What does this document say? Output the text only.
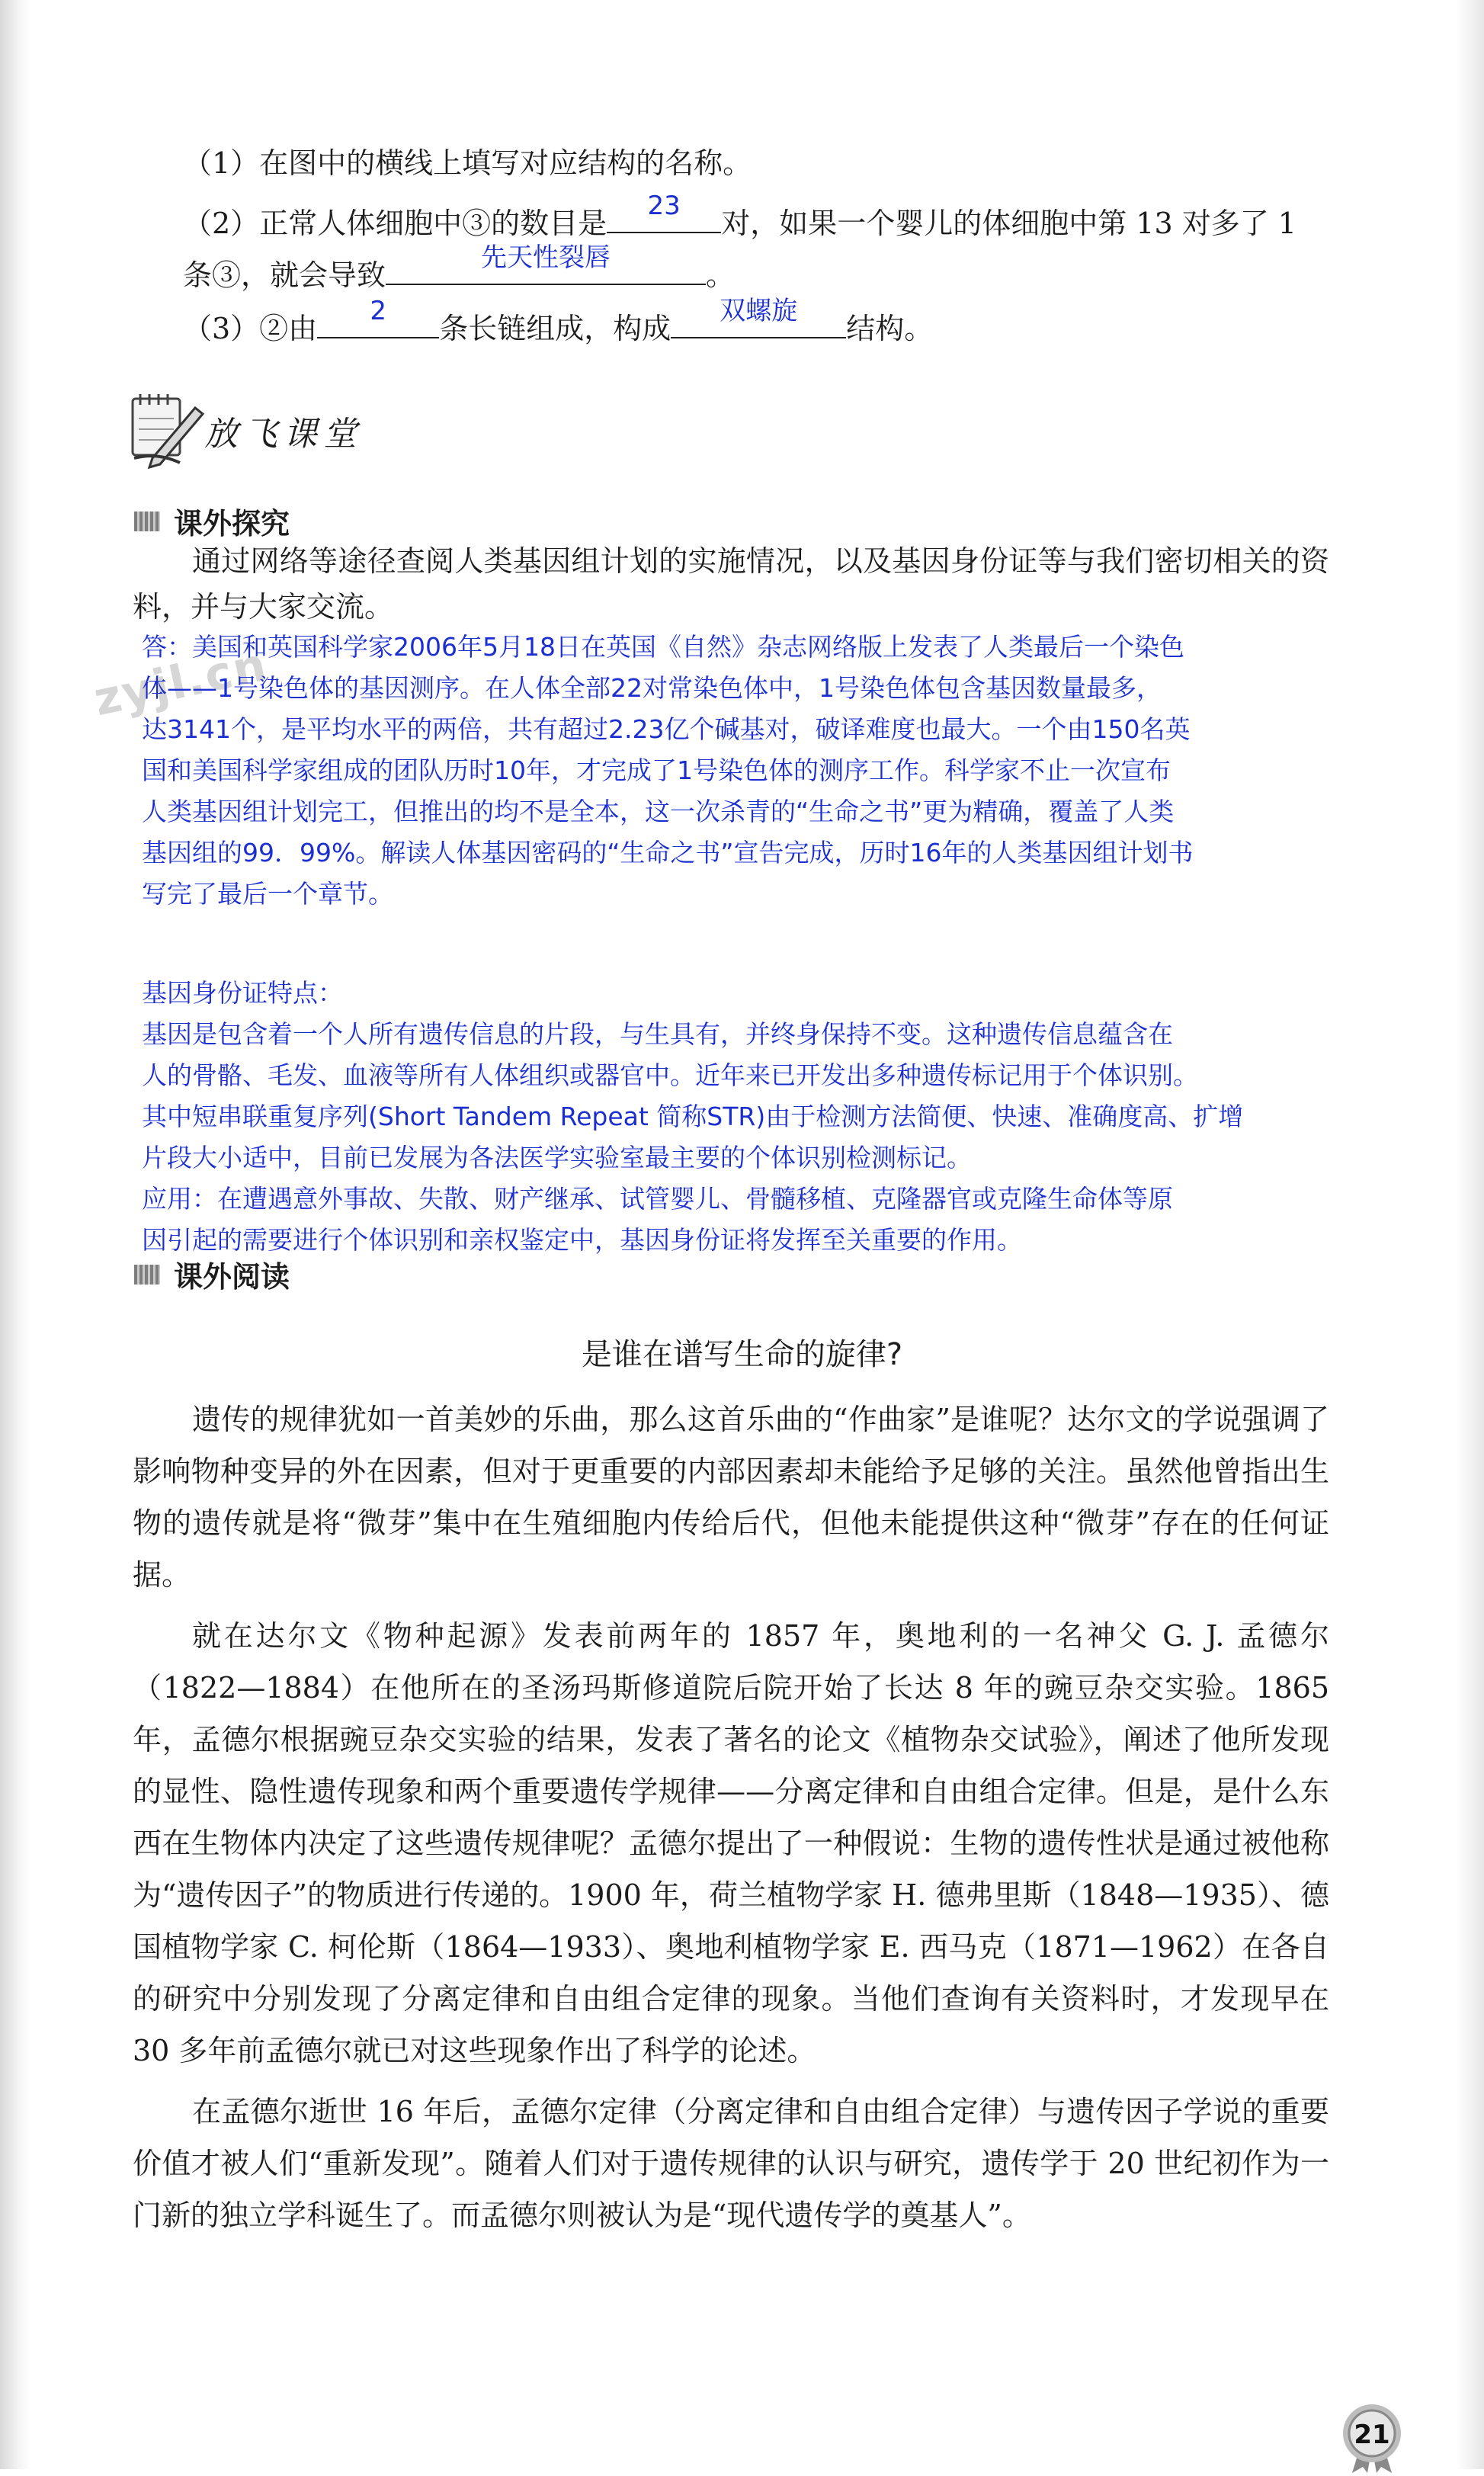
（1）在图中的横线上填写对应结构的名称。
（2）正常人体细胞中③的数目是
23
对，如果一个婴儿的体细胞中第 13 对多了 1
条③，就会导致
先天性裂唇
。
（3）②由
2
条长链组成，构成
双螺旋
结构。
放飞课堂
课外探究

通过网络等途径查阅人类基因组计划的实施情况，以及基因身份证等与我们密切相关的资料，并与大家交流。

zyjl.cn
答：美国和英国科学家2006年5月18日在英国《自然》杂志网络版上发表了人类最后一个染色
体——1号染色体的基因测序。在人体全部22对常染色体中，1号染色体包含基因数量最多，
达3141个，是平均水平的两倍，共有超过2.23亿个碱基对，破译难度也最大。一个由150名英
国和美国科学家组成的团队历时10年，才完成了1号染色体的测序工作。科学家不止一次宣布
人类基因组计划完工，但推出的均不是全本，这一次杀青的“生命之书”更为精确，覆盖了人类
基因组的99．99%。解读人体基因密码的“生命之书”宣告完成，历时16年的人类基因组计划书
写完了最后一个章节。
基因身份证特点：
基因是包含着一个人所有遗传信息的片段，与生具有，并终身保持不变。这种遗传信息蕴含在
人的骨骼、毛发、血液等所有人体组织或器官中。近年来已开发出多种遗传标记用于个体识别。
其中短串联重复序列(Short Tandem Repeat 简称STR)由于检测方法简便、快速、准确度高、扩增
片段大小适中，目前已发展为各法医学实验室最主要的个体识别检测标记。
应用：在遭遇意外事故、失散、财产继承、试管婴儿、骨髓移植、克隆器官或克隆生命体等原
因引起的需要进行个体识别和亲权鉴定中，基因身份证将发挥至关重要的作用。
课外阅读
是谁在谱写生命的旋律?

遗传的规律犹如一首美妙的乐曲，那么这首乐曲的“作曲家”是谁呢？达尔文的学说强调了影响物种变异的外在因素，但对于更重要的内部因素却未能给予足够的关注。虽然他曾指出生物的遗传就是将“微芽”集中在生殖细胞内传给后代，但他未能提供这种“微芽”存在的任何证据。

就在达尔文《物种起源》发表前两年的 1857 年，奥地利的一名神父 G. J. 孟德尔（1822—1884）在他所在的圣汤玛斯修道院后院开始了长达 8 年的豌豆杂交实验。1865 年，孟德尔根据豌豆杂交实验的结果，发表了著名的论文《植物杂交试验》，阐述了他所发现的显性、隐性遗传现象和两个重要遗传学规律——分离定律和自由组合定律。但是，是什么东西在生物体内决定了这些遗传规律呢？孟德尔提出了一种假说：生物的遗传性状是通过被他称为“遗传因子”的物质进行传递的。1900 年，荷兰植物学家 H. 德弗里斯（1848—1935）、德国植物学家 C. 柯伦斯（1864—1933）、奥地利植物学家 E. 西马克（1871—1962）在各自的研究中分别发现了分离定律和自由组合定律的现象。当他们查询有关资料时，才发现早在 30 多年前孟德尔就已对这些现象作出了科学的论述。

在孟德尔逝世 16 年后，孟德尔定律（分离定律和自由组合定律）与遗传因子学说的重要价值才被人们“重新发现”。随着人们对于遗传规律的认识与研究，遗传学于 20 世纪初作为一门新的独立学科诞生了。而孟德尔则被认为是“现代遗传学的奠基人”。

21
